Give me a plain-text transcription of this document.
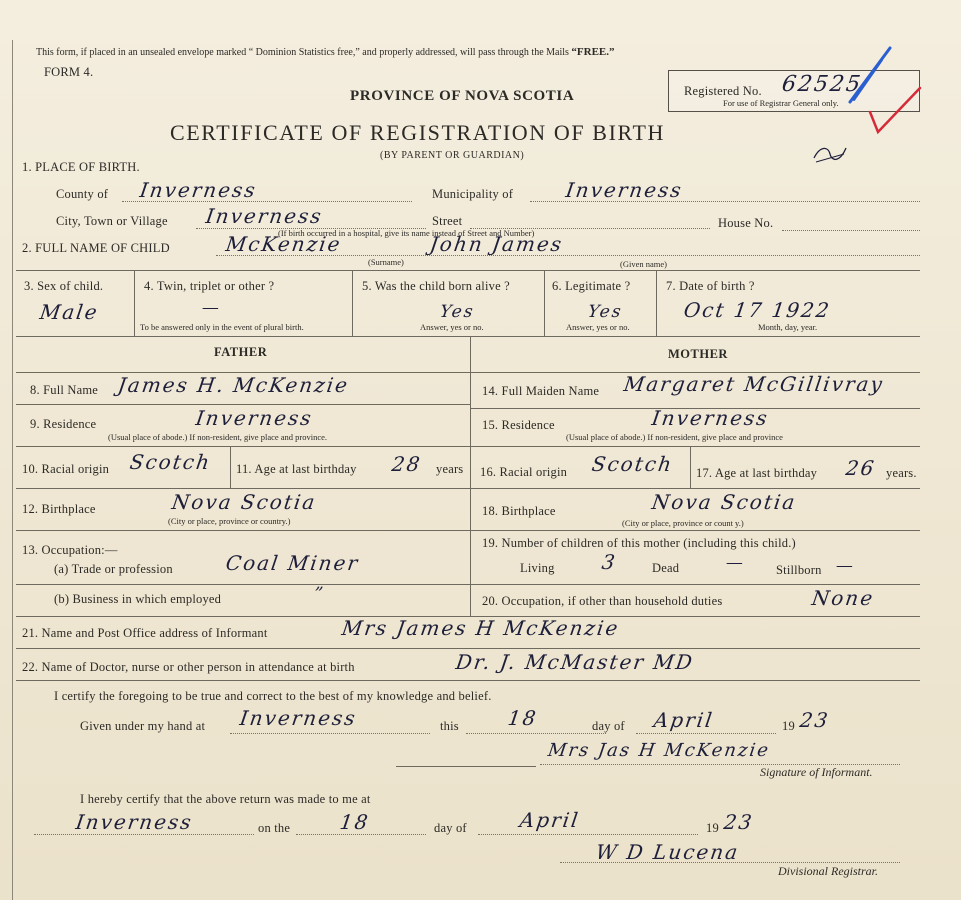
This form, if placed in an unsealed envelope marked “ Dominion Statistics free,” and properly addressed, will pass through the Mails “FREE.”
FORM 4.
Registered No. 62525
For use of Registrar General only.
PROVINCE OF NOVA SCOTIA
CERTIFICATE OF REGISTRATION OF BIRTH
(BY PARENT OR GUARDIAN)
1. PLACE OF BIRTH.
County of Inverness	Municipality of	Inverness
City, Town or Village Inverness	Street	House No.
(If birth occurred in a hospital, give its name instead of Street and Number)
2. FULL NAME OF CHILD	McKenzie	John James
(Surname)	(Given name)
3. Sex of child.
Male
4. Twin, triplet or other ?
—
To be answered only in the event of plural birth.
5. Was the child born alive ?
Yes
Answer, yes or no.
6. Legitimate ?
Yes
Answer, yes or no.
7. Date of birth ?
Oct 17 1922
Month, day, year.
FATHER	MOTHER
8. Full Name James H. McKenzie
9. Residence	Inverness
(Usual place of abode.) If non-resident, give place and province.
10. Racial origin Scotch 11. Age at last birthday 28 years
12. Birthplace	Nova Scotia
(City or place, province or country.)
13. Occupation:—
(a) Trade or profession	Coal Miner
(b) Business in which employed	”
14. Full Maiden Name Margaret McGillivray
15. Residence	Inverness
(Usual place of abode.) If non-resident, give place and province
16. Racial origin Scotch 17. Age at last birthday 26 years.
18. Birthplace	Nova Scotia
(City or place, province or count y.)
19. Number of children of this mother (including this child.)
Living 3	Dead	— Stillborn —
20. Occupation, if other than household duties	None
21. Name and Post Office address of Informant	Mrs James H McKenzie
22. Name of Doctor, nurse or other person in attendance at birth	Dr. J. McMaster MD
I certify the foregoing to be true and correct to the best of my knowledge and belief.
Given under my hand at Inverness	this 18	day of April	19 23
Mrs Jas H McKenzie
Signature of Informant.
I hereby certify that the above return was made to me at
Inverness	on the 18	day of	April	19 23
W D Lucena
Divisional Registrar.
